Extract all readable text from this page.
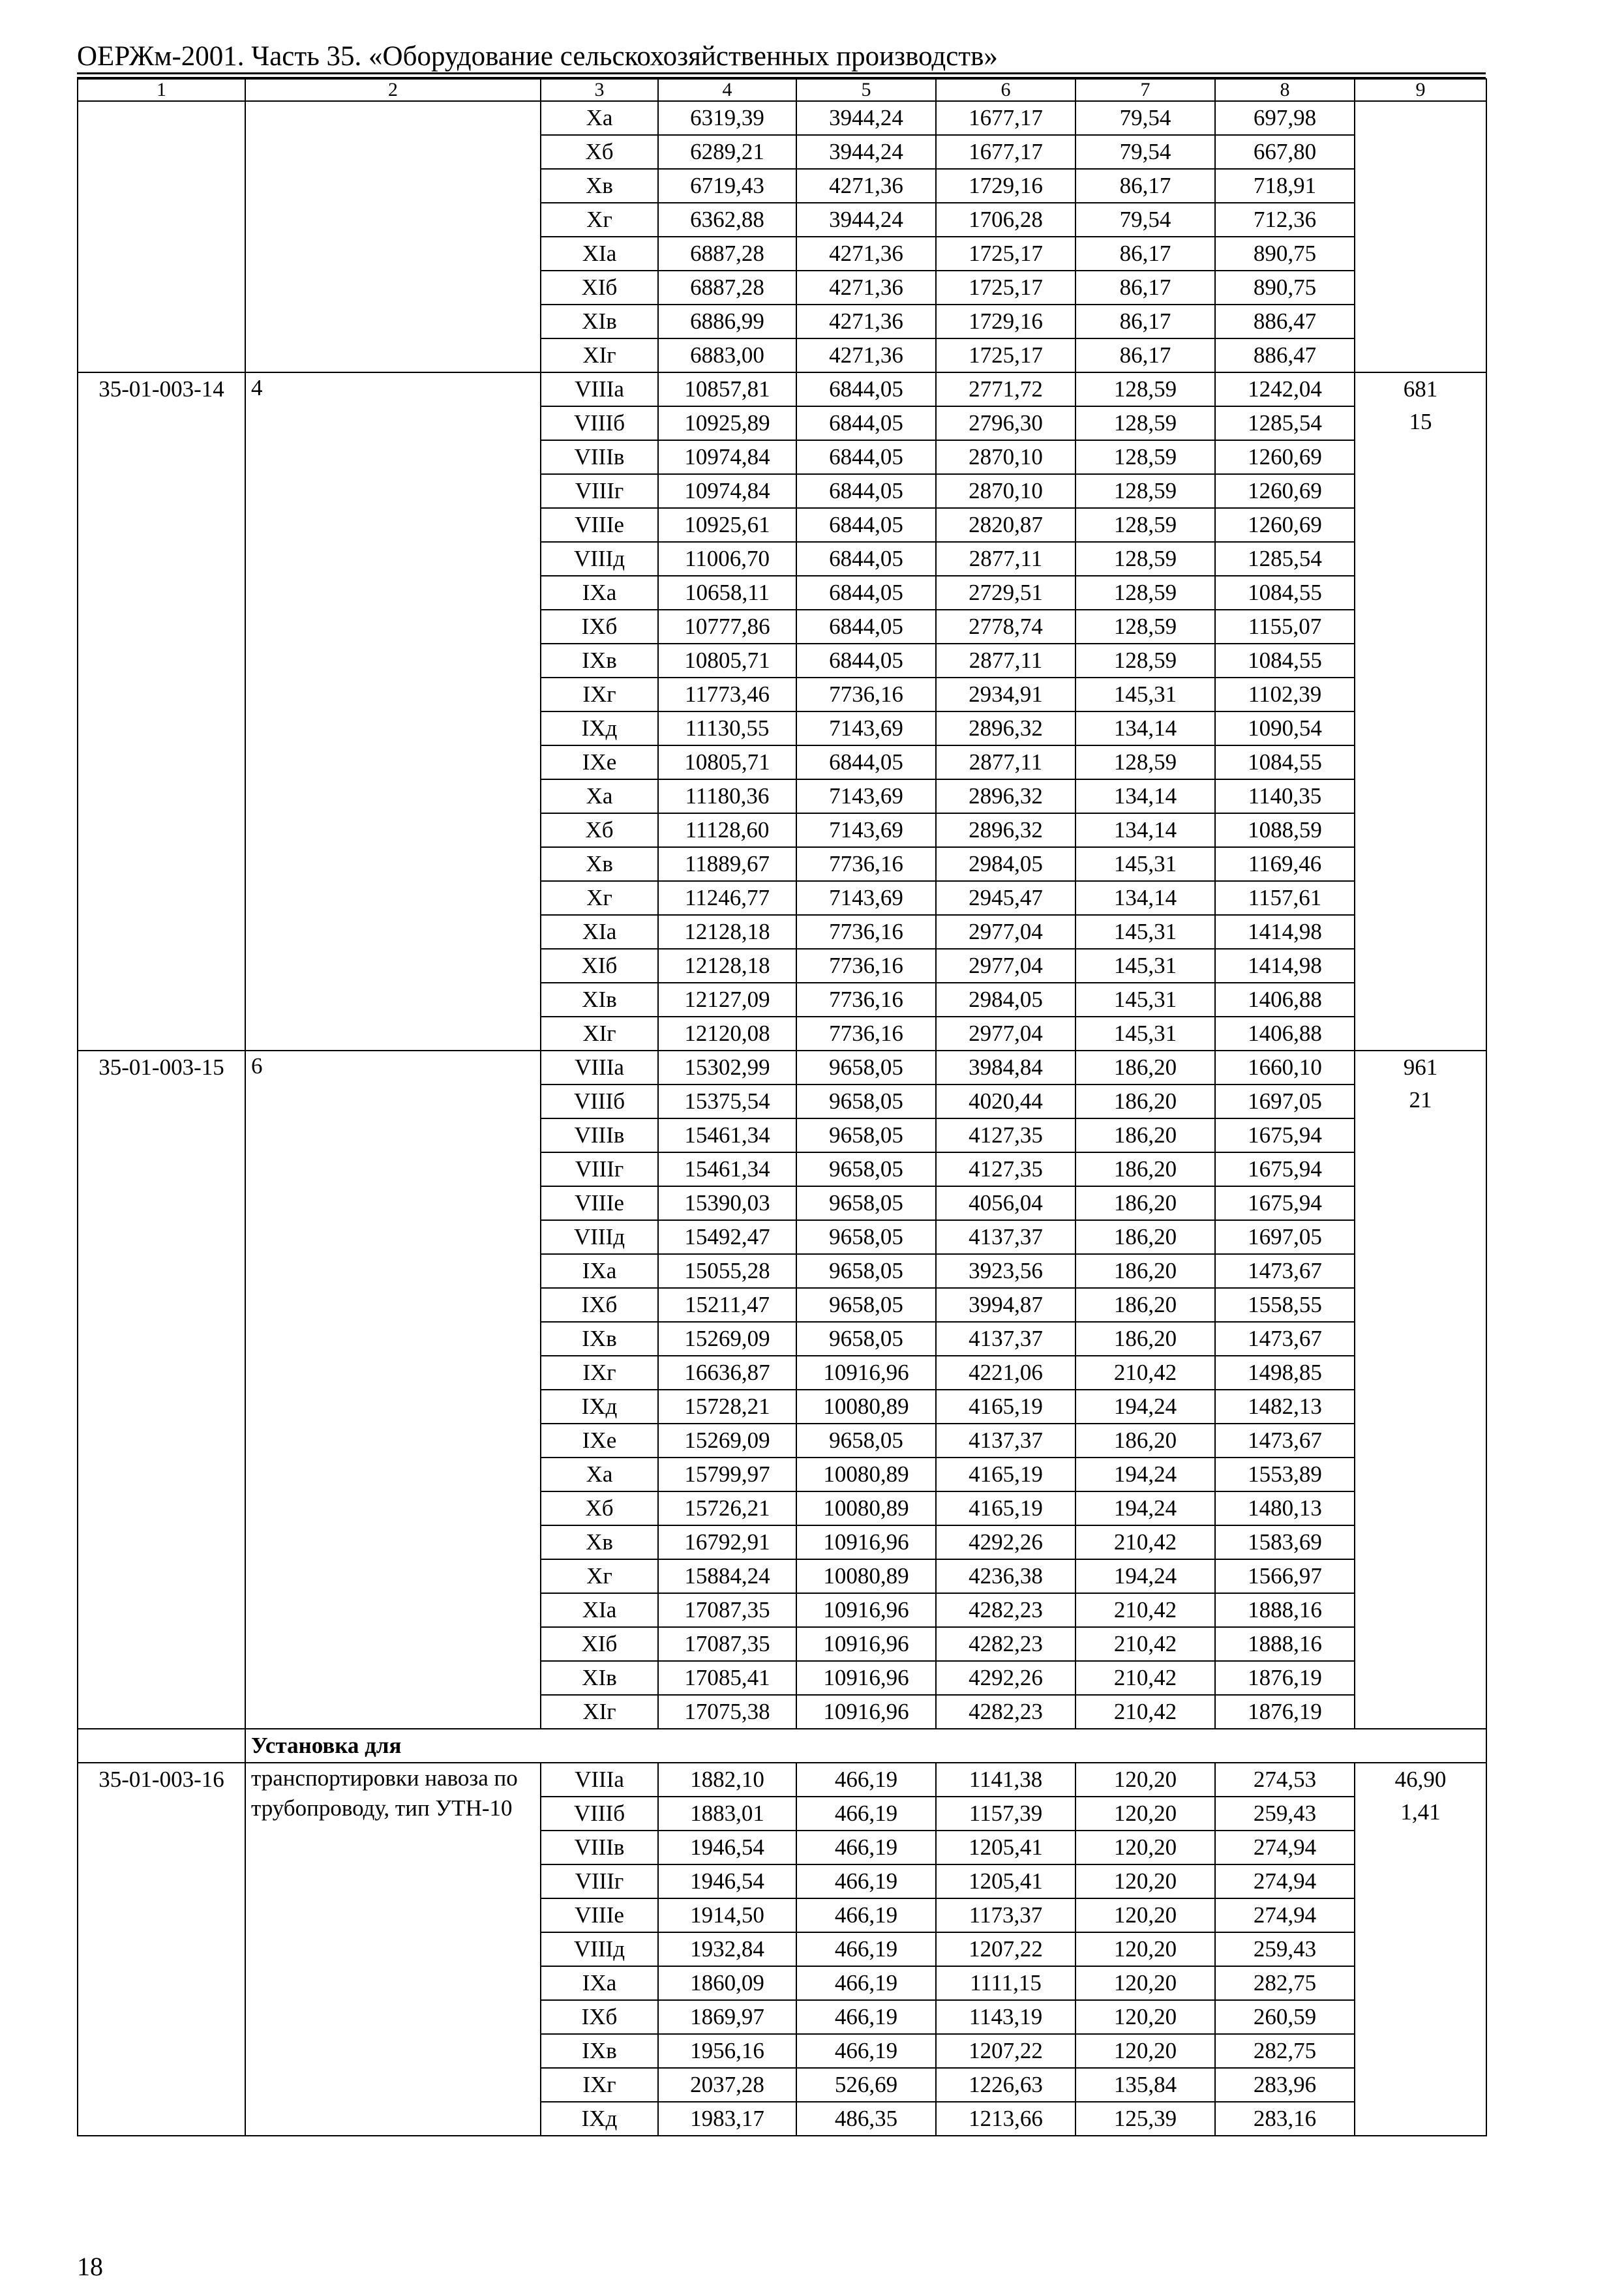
ОЕРЖм-2001. Часть 35. «Оборудование сельскохозяйственных производств»
1	2	3	4	5	6	7	8	9
		Xa	6319,39	3944,24	1677,17	79,54	697,98	

		Xб	6289,21	3944,24	1677,17	79,54	667,80	
		Xв	6719,43	4271,36	1729,16	86,17	718,91	
		Xг	6362,88	3944,24	1706,28	79,54	712,36	
		XIa	6887,28	4271,36	1725,17	86,17	890,75	
		XIб	6887,28	4271,36	1725,17	86,17	890,75	
		XIв	6886,99	4271,36	1729,16	86,17	886,47	
		XIг	6883,00	4271,36	1725,17	86,17	886,47	
35-01-003-14	4	VIIIa	10857,81	6844,05	2771,72	128,59	1242,04	681
15

		VIIIб	10925,89	6844,05	2796,30	128,59	1285,54	
		VIIIв	10974,84	6844,05	2870,10	128,59	1260,69	
		VIIIг	10974,84	6844,05	2870,10	128,59	1260,69	
		VIIIе	10925,61	6844,05	2820,87	128,59	1260,69	
		VIIIд	11006,70	6844,05	2877,11	128,59	1285,54	
		IXa	10658,11	6844,05	2729,51	128,59	1084,55	
		IXб	10777,86	6844,05	2778,74	128,59	1155,07	
		IXв	10805,71	6844,05	2877,11	128,59	1084,55	
		IXг	11773,46	7736,16	2934,91	145,31	1102,39	
		IXд	11130,55	7143,69	2896,32	134,14	1090,54	
		IXе	10805,71	6844,05	2877,11	128,59	1084,55	
		Xa	11180,36	7143,69	2896,32	134,14	1140,35	
		Xб	11128,60	7143,69	2896,32	134,14	1088,59	
		Xв	11889,67	7736,16	2984,05	145,31	1169,46	
		Xг	11246,77	7143,69	2945,47	134,14	1157,61	
		XIa	12128,18	7736,16	2977,04	145,31	1414,98	
		XIб	12128,18	7736,16	2977,04	145,31	1414,98	
		XIв	12127,09	7736,16	2984,05	145,31	1406,88	
		XIг	12120,08	7736,16	2977,04	145,31	1406,88	
35-01-003-15	6	VIIIa	15302,99	9658,05	3984,84	186,20	1660,10	961
21

		VIIIб	15375,54	9658,05	4020,44	186,20	1697,05	
		VIIIв	15461,34	9658,05	4127,35	186,20	1675,94	
		VIIIг	15461,34	9658,05	4127,35	186,20	1675,94	
		VIIIе	15390,03	9658,05	4056,04	186,20	1675,94	
		VIIIд	15492,47	9658,05	4137,37	186,20	1697,05	
		IXa	15055,28	9658,05	3923,56	186,20	1473,67	
		IXб	15211,47	9658,05	3994,87	186,20	1558,55	
		IXв	15269,09	9658,05	4137,37	186,20	1473,67	
		IXг	16636,87	10916,96	4221,06	210,42	1498,85	
		IXд	15728,21	10080,89	4165,19	194,24	1482,13	
		IXе	15269,09	9658,05	4137,37	186,20	1473,67	
		Xa	15799,97	10080,89	4165,19	194,24	1553,89	
		Xб	15726,21	10080,89	4165,19	194,24	1480,13	
		Xв	16792,91	10916,96	4292,26	210,42	1583,69	
		Xг	15884,24	10080,89	4236,38	194,24	1566,97	
		XIa	17087,35	10916,96	4282,23	210,42	1888,16	
		XIб	17087,35	10916,96	4282,23	210,42	1888,16	
		XIв	17085,41	10916,96	4292,26	210,42	1876,19	
		XIг	17075,38	10916,96	4282,23	210,42	1876,19	
	Установка для							
35-01-003-16	транспортировки навоза по трубопроводу, тип УТН-10	VIIIa	1882,10	466,19	1141,38	120,20	274,53	46,90
1,41

		VIIIб	1883,01	466,19	1157,39	120,20	259,43	
		VIIIв	1946,54	466,19	1205,41	120,20	274,94	
		VIIIг	1946,54	466,19	1205,41	120,20	274,94	
		VIIIе	1914,50	466,19	1173,37	120,20	274,94	
		VIIIд	1932,84	466,19	1207,22	120,20	259,43	
		IXa	1860,09	466,19	1111,15	120,20	282,75	
		IXб	1869,97	466,19	1143,19	120,20	260,59	
		IXв	1956,16	466,19	1207,22	120,20	282,75	
		IXг	2037,28	526,69	1226,63	135,84	283,96	
		IXд	1983,17	486,35	1213,66	125,39	283,16	
18
